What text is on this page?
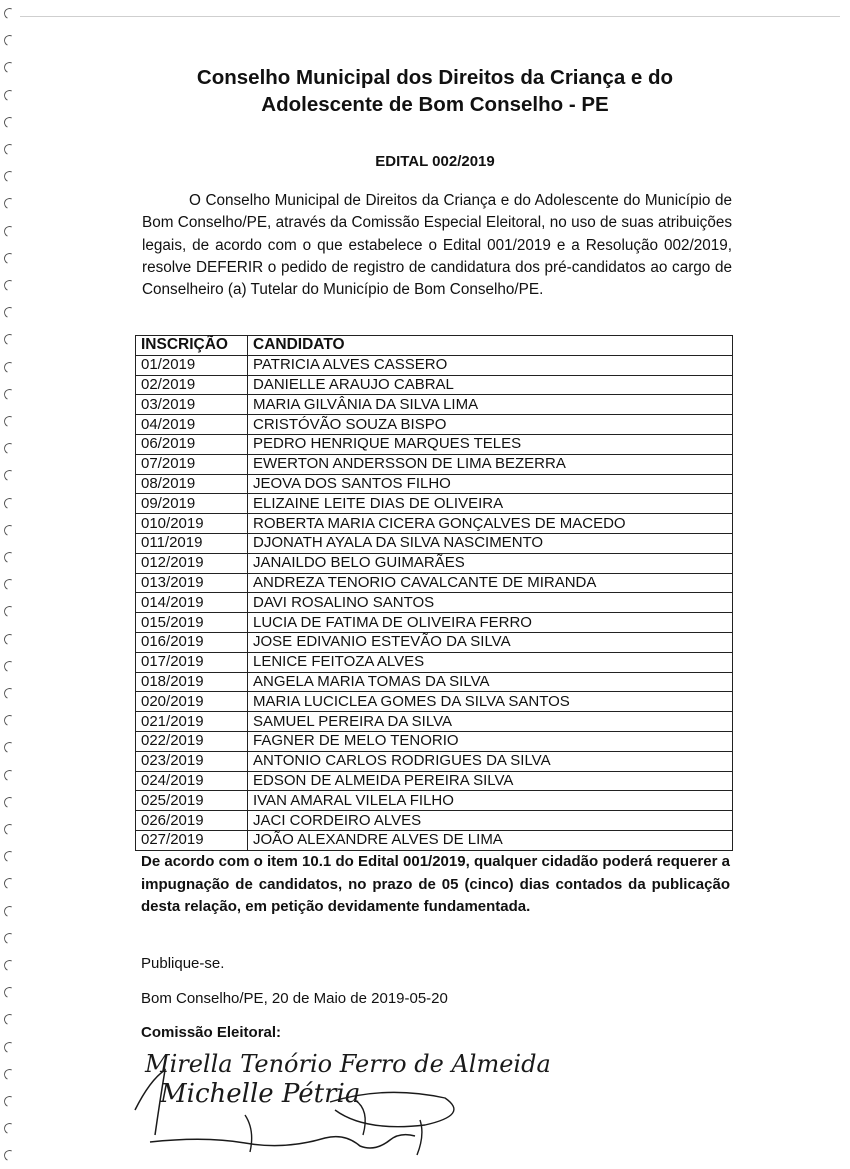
Conselho Municipal dos Direitos da Criança e do
Adolescente de Bom Conselho - PE
EDITAL 002/2019
O Conselho Municipal de Direitos da Criança e do Adolescente do Município de Bom Conselho/PE, através da Comissão Especial Eleitoral, no uso de suas atribuições legais, de acordo com o que estabelece o Edital 001/2019 e a Resolução 002/2019, resolve DEFERIR o pedido de registro de candidatura dos pré-candidatos ao cargo de Conselheiro (a) Tutelar do Município de Bom Conselho/PE.
INSCRIÇÃO	CANDIDATO
01/2019	PATRICIA ALVES CASSERO
02/2019	DANIELLE ARAUJO CABRAL
03/2019	MARIA GILVÂNIA DA SILVA LIMA
04/2019	CRISTÓVÃO SOUZA BISPO
06/2019	PEDRO HENRIQUE MARQUES TELES
07/2019	EWERTON ANDERSSON DE LIMA BEZERRA
08/2019	JEOVA DOS SANTOS FILHO
09/2019	ELIZAINE LEITE DIAS DE OLIVEIRA
010/2019	ROBERTA MARIA CICERA GONÇALVES DE MACEDO
011/2019	DJONATH AYALA DA SILVA NASCIMENTO
012/2019	JANAILDO BELO GUIMARÃES
013/2019	ANDREZA TENORIO CAVALCANTE DE MIRANDA
014/2019	DAVI ROSALINO SANTOS
015/2019	LUCIA DE FATIMA DE OLIVEIRA FERRO
016/2019	JOSE EDIVANIO ESTEVÃO DA SILVA
017/2019	LENICE FEITOZA ALVES
018/2019	ANGELA MARIA TOMAS DA SILVA
020/2019	MARIA LUCICLEA GOMES DA SILVA SANTOS
021/2019	SAMUEL PEREIRA DA SILVA
022/2019	FAGNER DE MELO TENORIO
023/2019	ANTONIO CARLOS RODRIGUES DA SILVA
024/2019	EDSON DE ALMEIDA PEREIRA SILVA
025/2019	IVAN AMARAL VILELA FILHO
026/2019	JACI CORDEIRO ALVES
027/2019	JOÃO ALEXANDRE ALVES DE LIMA
De acordo com o item 10.1 do Edital 001/2019, qualquer cidadão poderá requerer a impugnação de candidatos, no prazo de 05 (cinco) dias contados da publicação desta relação, em petição devidamente fundamentada.
Publique-se.
Bom Conselho/PE, 20 de Maio de 2019-05-20
Comissão Eleitoral:
Mirella Tenório Ferro de Almeida
Michelle Pétria
